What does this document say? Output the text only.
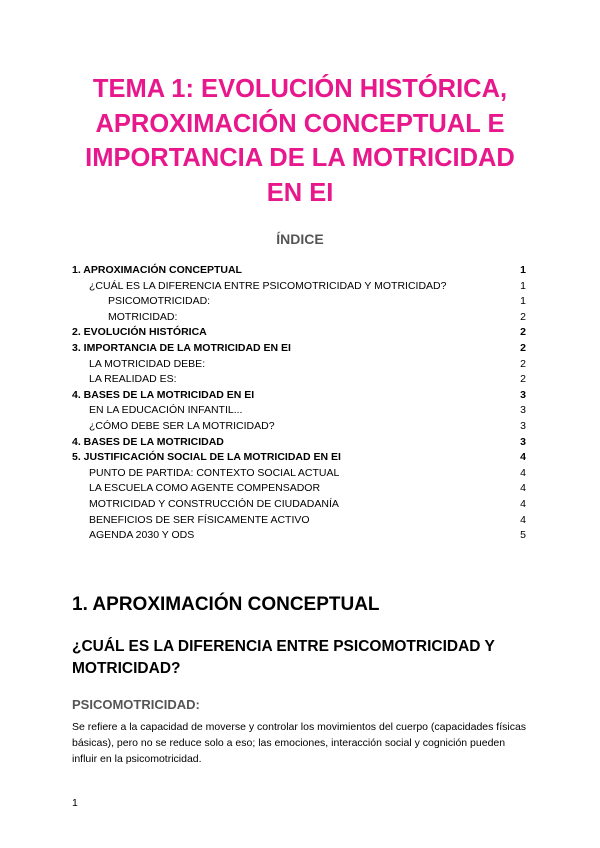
TEMA 1: EVOLUCIÓN HISTÓRICA,
APROXIMACIÓN CONCEPTUAL E
IMPORTANCIA DE LA MOTRICIDAD
EN EI
ÍNDICE
1. APROXIMACIÓN CONCEPTUAL	1
¿CUÁL ES LA DIFERENCIA ENTRE PSICOMOTRICIDAD Y MOTRICIDAD?	1
PSICOMOTRICIDAD:	1
MOTRICIDAD:	2
2. EVOLUCIÓN HISTÓRICA	2
3. IMPORTANCIA DE LA MOTRICIDAD EN EI	2
LA MOTRICIDAD DEBE:	2
LA REALIDAD ES:	2
4. BASES DE LA MOTRICIDAD EN EI	3
EN LA EDUCACIÓN INFANTIL...	3
¿CÓMO DEBE SER LA MOTRICIDAD?	3
4. BASES DE LA MOTRICIDAD	3
5. JUSTIFICACIÓN SOCIAL DE LA MOTRICIDAD EN EI	4
PUNTO DE PARTIDA: CONTEXTO SOCIAL ACTUAL	4
LA ESCUELA COMO AGENTE COMPENSADOR	4
MOTRICIDAD Y CONSTRUCCIÓN DE CIUDADANÍA	4
BENEFICIOS DE SER FÍSICAMENTE ACTIVO	4
AGENDA 2030 Y ODS	5
1. APROXIMACIÓN CONCEPTUAL
¿CUÁL ES LA DIFERENCIA ENTRE PSICOMOTRICIDAD Y MOTRICIDAD?
PSICOMOTRICIDAD:

Se refiere a la capacidad de moverse y controlar los movimientos del cuerpo (capacidades físicas básicas), pero no se reduce solo a eso; las emociones, interacción social y cognición pueden influir en la psicomotricidad.

1
